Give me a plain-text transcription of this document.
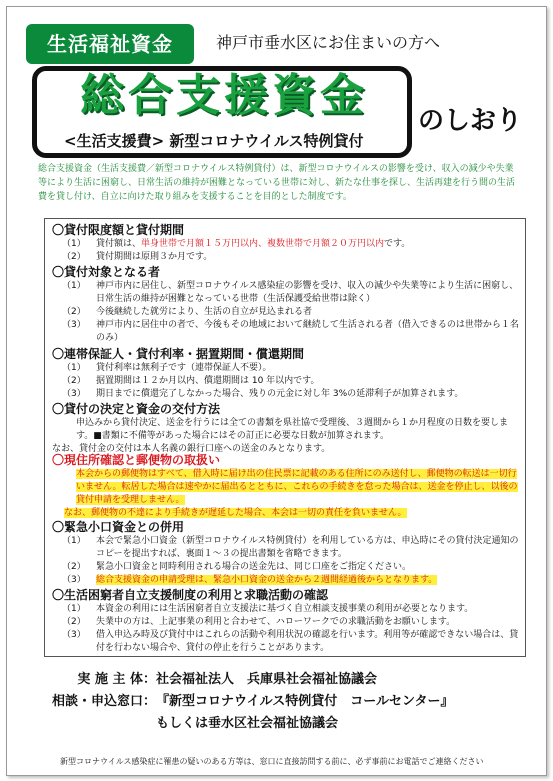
生活福祉資金	神戸市垂水区にお住まいの方へ
総合支援資金
<生活支援費> 新型コロナウイルス特例貸付
のしおり
総合支援資金（生活支援費／新型コロナウイルス特例貸付）は、新型コロナウイルスの影響を受け、収入の減少や失業等により生活に困窮し、日常生活の維持が困難となっている世帯に対し、新たな仕事を探し、生活再建を行う間の生活費を貸し付け、自立に向けた取り組みを支援することを目的とした制度です。
〇貸付限度額と貸付期間
（1）	貸付額は、単身世帯で月額１５万円以内、複数世帯で月額２０万円以内です。
（2）	貸付期間は原則３か月です。
〇貸付対象となる者
（1）	神戸市内に居住し、新型コロナウイルス感染症の影響を受け、収入の減少や失業等により生活に困窮し、日常生活の維持が困難となっている世帯（生活保護受給世帯は除く）
（2）	今後継続した就労により、生活の自立が見込まれる者
（3）	神戸市内に居住中の者で、今後もその地域において継続して生活される者（借入できるのは世帯から１名のみ）
〇連帯保証人・貸付利率・据置期間・償還期間
（1）	貸付利率は無利子です（連帯保証人不要）。
（2）	据置期間は１２か月以内、償還期間は 10 年以内です。
（3）	期日までに償還完了しなかった場合、残りの元金に対し年 3%の延滞利子が加算されます。
〇貸付の決定と資金の交付方法
申込みから貸付決定、送金を行うには全ての書類を県社協で受理後、３週間から１か月程度の日数を要します。■書類に不備等があった場合にはその訂正に必要な日数が加算されます。
なお、貸付金の交付は本人名義の銀行口座への送金のみとなります。
〇現住所確認と郵便物の取扱い
本会からの郵便物はすべて、借入時に届け出の住民票に記載のある住所にのみ送付し、郵便物の転送は一切行いません。転居した場合は速やかに届出るとともに、これらの手続きを怠った場合は、送金を停止し、以後の貸付申請を受理しません。
なお、郵便物の不達により手続きが遅延した場合、本会は一切の責任を負いません。
〇緊急小口資金との併用
（1）	本会で緊急小口資金（新型コロナウイルス特例貸付）を利用している方は、申込時にその貸付決定通知のコピーを提出すれば、裏面１～３の提出書類を省略できます。
（2）	緊急小口資金と同時利用される場合の送金先は、同じ口座をご指定ください。
（3）	総合支援資金の申請受理は、緊急小口資金の送金から２週間経過後からとなります。
〇生活困窮者自立支援制度の利用と求職活動の確認
（1）	本資金の利用には生活困窮者自立支援法に基づく自立相談支援事業の利用が必要となります。
（2）	失業中の方は、上記事業の利用と合わせて、ハローワークでの求職活動をお願いします。
（3）	借入申込み時及び貸付中はこれらの活動や利用状況の確認を行います。利用等が確認できない場合は、貸付を行わない場合や、貸付の停止を行うことがあります。
実 施 主 体：社会福祉法人　兵庫県社会福祉協議会
相談・申込窓口：『新型コロナウイルス特例貸付　コールセンター』
もしくは垂水区社会福祉協議会
新型コロナウイルス感染症に罹患の疑いのある方等は、窓口に直接訪問する前に、必ず事前にお電話でご連絡ください
